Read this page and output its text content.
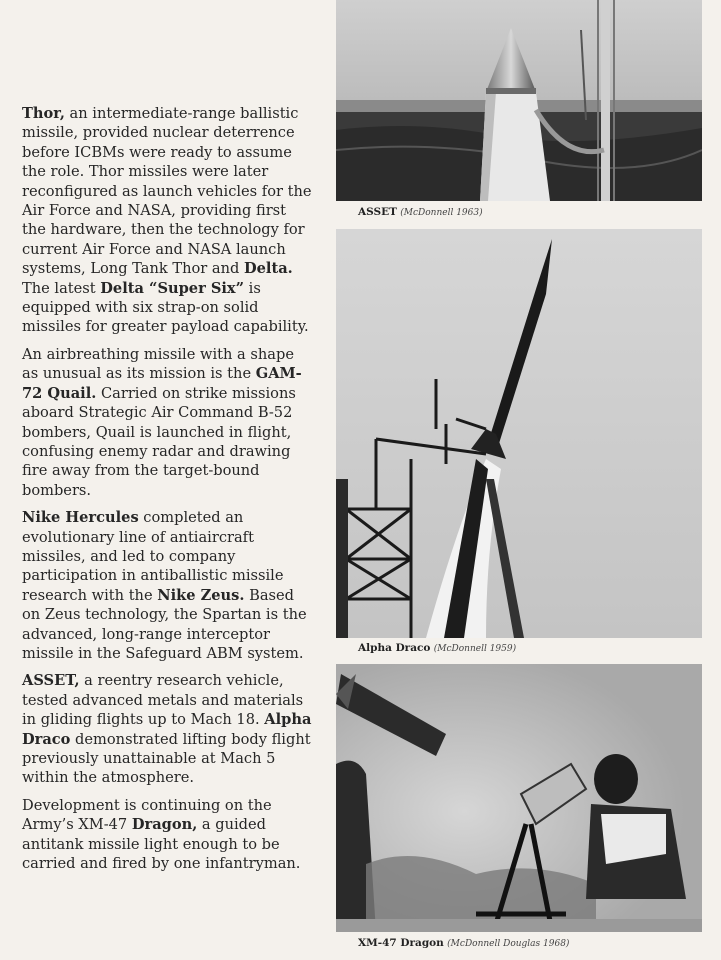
Thor, an intermediate-range ballistic missile, provided nuclear deterrence before ICBMs were ready to assume the role. Thor missiles were later reconfigured as launch vehicles for the Air Force and NASA, providing first the hardware, then the technology for current Air Force and NASA launch systems, Long Tank Thor and Delta. The latest Delta “Super Six” is equipped with six strap-on solid missiles for greater payload capability.

An airbreathing missile with a shape as unusual as its mission is the GAM-72 Quail. Carried on strike missions aboard Strategic Air Command B-52 bombers, Quail is launched in flight, confusing enemy radar and drawing fire away from the target-bound bombers.

Nike Hercules completed an evolutionary line of antiaircraft missiles, and led to company participation in antiballistic missile research with the Nike Zeus. Based on Zeus technology, the Spartan is the advanced, long-range interceptor missile in the Safeguard ABM system.

ASSET, a reentry research vehicle, tested advanced metals and materials in gliding flights up to Mach 18. Alpha Draco demonstrated lifting body flight previously unattainable at Mach 5 within the atmosphere.

Development is continuing on the Army’s XM-47 Dragon, a guided antitank missile light enough to be carried and fired by one infantryman.

ASSET (McDonnell 1963)
Alpha Draco (McDonnell 1959)
XM-47 Dragon (McDonnell Douglas 1968)
